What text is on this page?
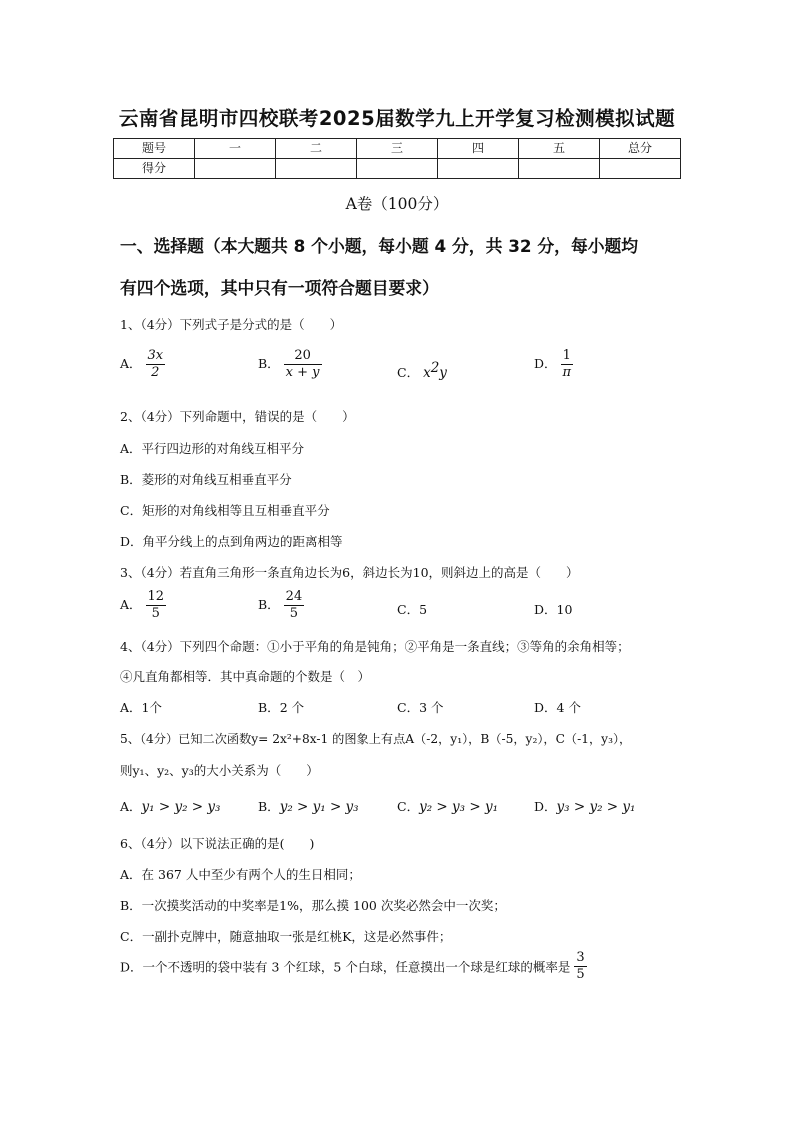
云南省昆明市四校联考2025届数学九上开学复习检测模拟试题
题号	一	二	三	四	五	总分
得分						
A卷（100分）
一、选择题（本大题共 8 个小题，每小题 4 分，共 32 分，每小题均
有四个选项，其中只有一项符合题目要求）
1、（4分）下列式子是分式的是（　　）
A． $\frac{3x}{2}$	B． $\frac{20}{x + y}$	C． $x^2y$
D． $\frac{1}{\pi}$
2、（4分）下列命题中，错误的是（　　）
A．平行四边形的对角线互相平分
B．菱形的对角线互相垂直平分
C．矩形的对角线相等且互相垂直平分
D．角平分线上的点到角两边的距离相等
3、（4分）若直角三角形一条直角边长为6，斜边长为10，则斜边上的高是（　　）
A． $\frac{12}{5}$	B． $\frac{24}{5}$	C．5	D．10
4、（4分）下列四个命题：①小于平角的角是钝角；②平角是一条直线；③等角的余角相等；
④凡直角都相等．其中真命题的个数是（　）
A．1个	B．2 个	C．3 个	D．4 个
5、（4分）已知二次函数y= 2x²+8x-1 的图象上有点A（-2，y₁），B（-5，y₂），C（-1，y₃），
则y₁、y₂、y₃的大小关系为（　　）
A．y₁ > y₂ > y₃	B．y₂ > y₁ > y₃	C．y₂ > y₃ > y₁	D．y₃ > y₂ > y₁
6、（4分）以下说法正确的是(　　)
A．在 367 人中至少有两个人的生日相同；
B．一次摸奖活动的中奖率是1%，那么摸 100 次奖必然会中一次奖；
C．一副扑克牌中，随意抽取一张是红桃K，这是必然事件；
D．一个不透明的袋中装有 3 个红球，5 个白球，任意摸出一个球是红球的概率是 $\frac{3}{5}$
